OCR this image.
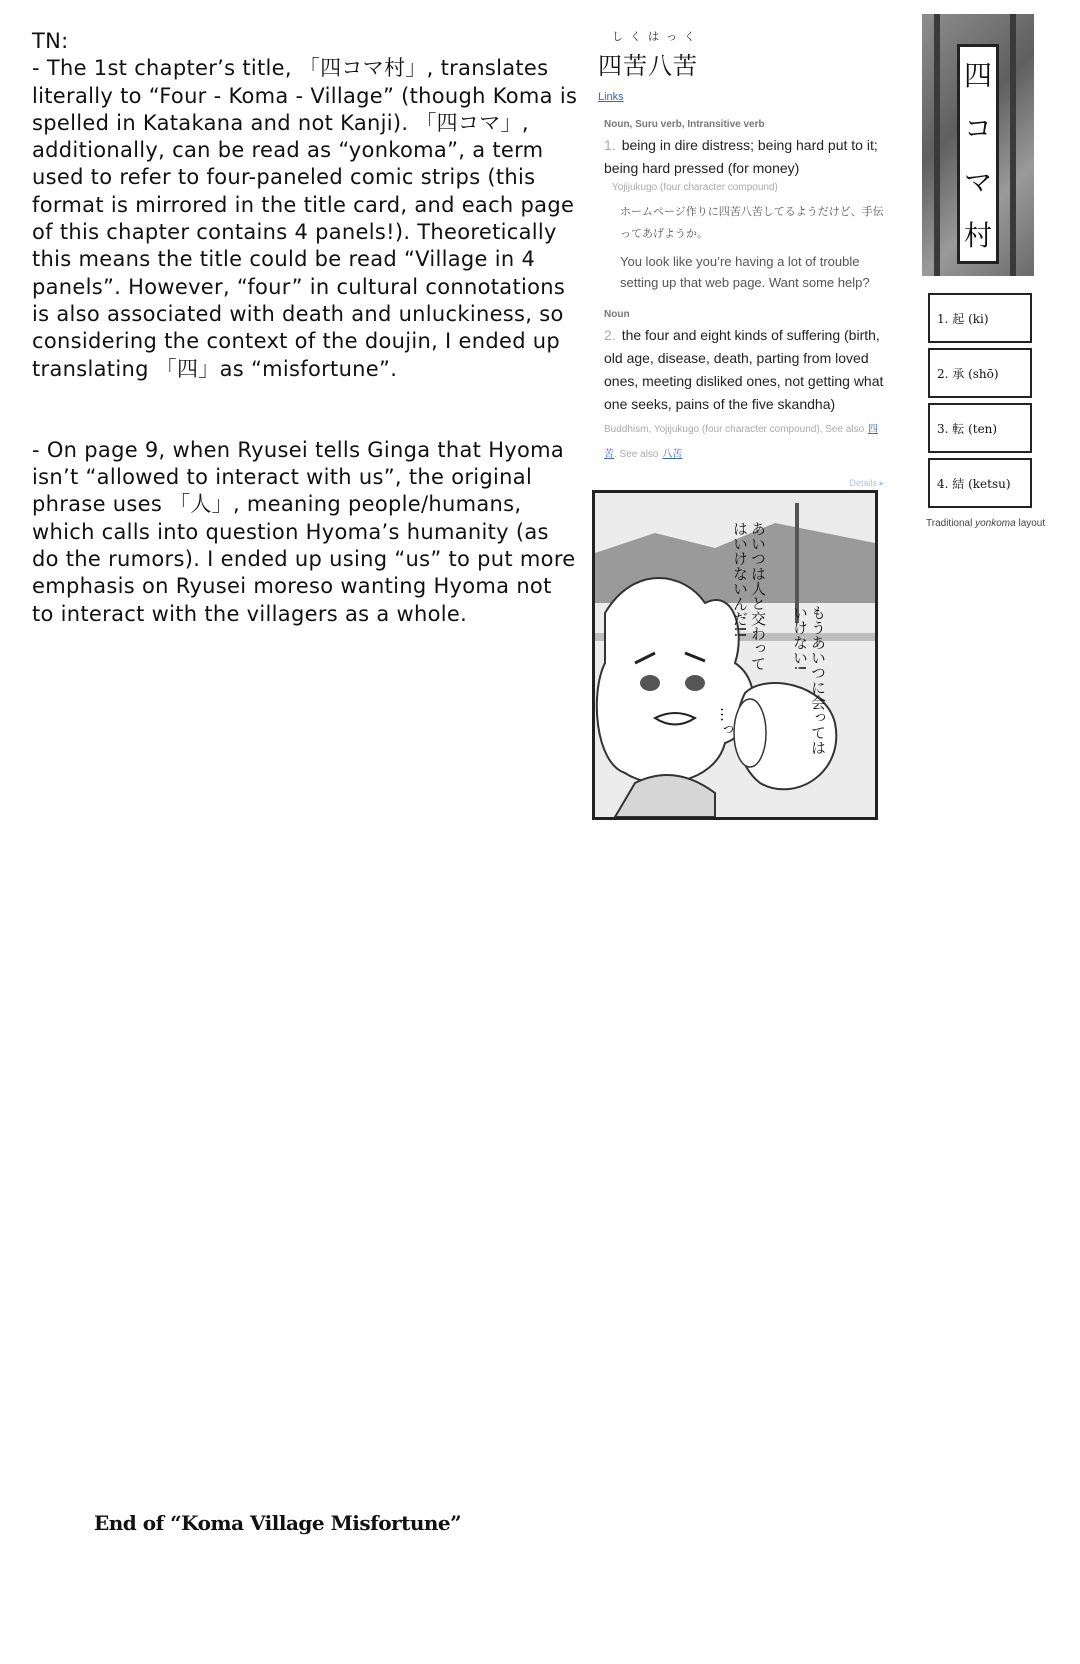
TN:

- The 1st chapter’s title, 「四コマ村」, translates literally to “Four - Koma - Village” (though Koma is spelled in Katakana and not Kanji). 「四コマ」, additionally, can be read as “yonkoma”, a term used to refer to four-paneled comic strips (this format is mirrored in the title card, and each page of this chapter contains 4 panels!). Theoretically this means the title could be read “Village in 4 panels”. However, “four” in cultural connotations is also associated with death and unluckiness, so considering the context of the doujin, I ended up translating 「四」as “misfortune”.

- On page 9, when Ryusei tells Ginga that Hyoma isn’t “allowed to interact with us”, the original phrase uses 「人」, meaning people/humans, which calls into question Hyoma’s humanity (as do the rumors). I ended up using “us” to put more emphasis on Ryusei moreso wanting Hyoma not to interact with the villagers as a whole.

しくはっく
四苦八苦
Links
Noun, Suru verb, Intransitive verb
1. being in dire distress; being hard put to it; being hard pressed (for money)
Yojijukugo (four character compound)
ホームページ作りに四苦八苦してるようだけど、手伝ってあげようか。
You look like you’re having a lot of trouble setting up that web page. Want some help?
Noun
2. the four and eight kinds of suffering (birth, old age, disease, death, parting from loved ones, meeting disliked ones, not getting what one seeks, pains of the five skandha) Buddhism, Yojijukugo (four character compound), See also 四苦. See also 八苦
Details ▸
四
コ
マ
村
1. 起 (ki)
2. 承 (shō)
3. 転 (ten)
4. 結 (ketsu)
Traditional yonkoma layout
あいつは人と交わってはいけないんだ!!
もうあいつに会ってはいけない!
…っ
End of “Koma Village Misfortune”
